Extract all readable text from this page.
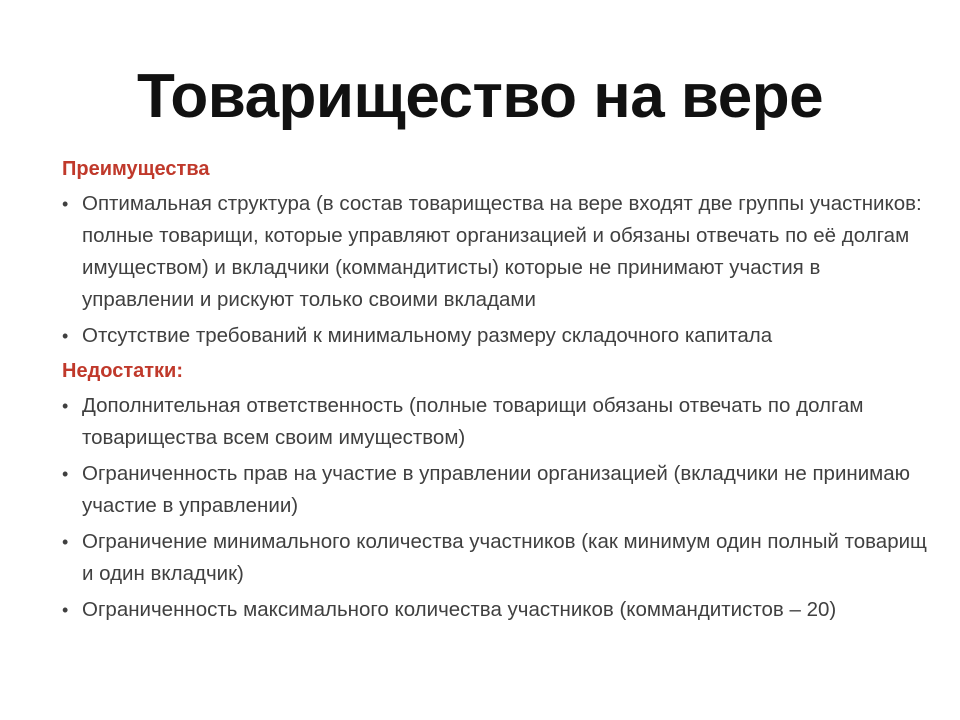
Товарищество на вере
Преимущества
• Оптимальная структура (в состав товарищества на вере входят две группы участников: полные товарищи, которые управляют организацией и обязаны отвечать по её долгам имуществом) и вкладчики (коммандитисты) которые не принимают участия в управлении и рискуют только своими вкладами
• Отсутствие требований к минимальному размеру складочного капитала
Недостатки:
• Дополнительная ответственность (полные товарищи обязаны отвечать по долгам товарищества всем своим имуществом)
• Ограниченность прав на участие в управлении организацией (вкладчики не принимаю участие в управлении)
• Ограничение минимального количества участников (как минимум один полный товарищ и один вкладчик)
• Ограниченность максимального количества участников (коммандитистов – 20)
